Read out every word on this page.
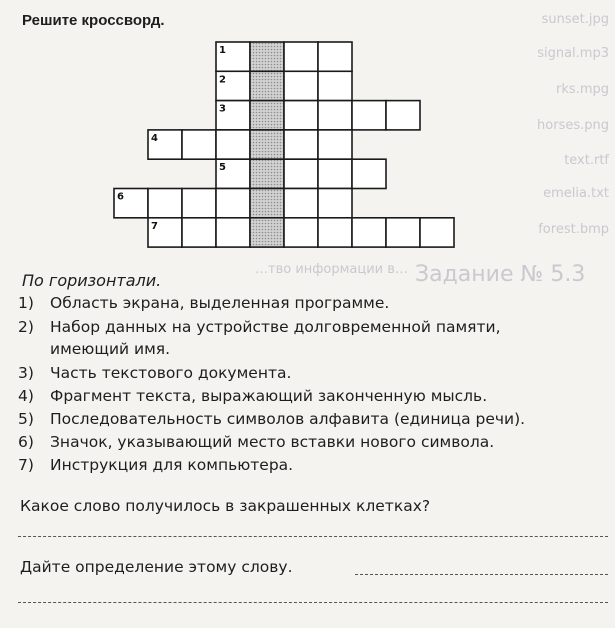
sunset.jpg
signal.mp3
rks.mpg
horses.png
text.rtf
emelia.txt
forest.bmp
Задание № 5.3
…тво информации в…
Решите кроссворд.
1
2
3
4
5
6
7
По горизонтали.
1) Область экрана, выделенная программе.
2) Набор данных на устройстве долговременной памяти,
имеющий имя.
3) Часть текстового документа.
4) Фрагмент текста, выражающий законченную мысль.
5) Последовательность символов алфавита (единица речи).
6) Значок, указывающий место вставки нового символа.
7) Инструкция для компьютера.
Какое слово получилось в закрашенных клетках?
Дайте определение этому слову.
